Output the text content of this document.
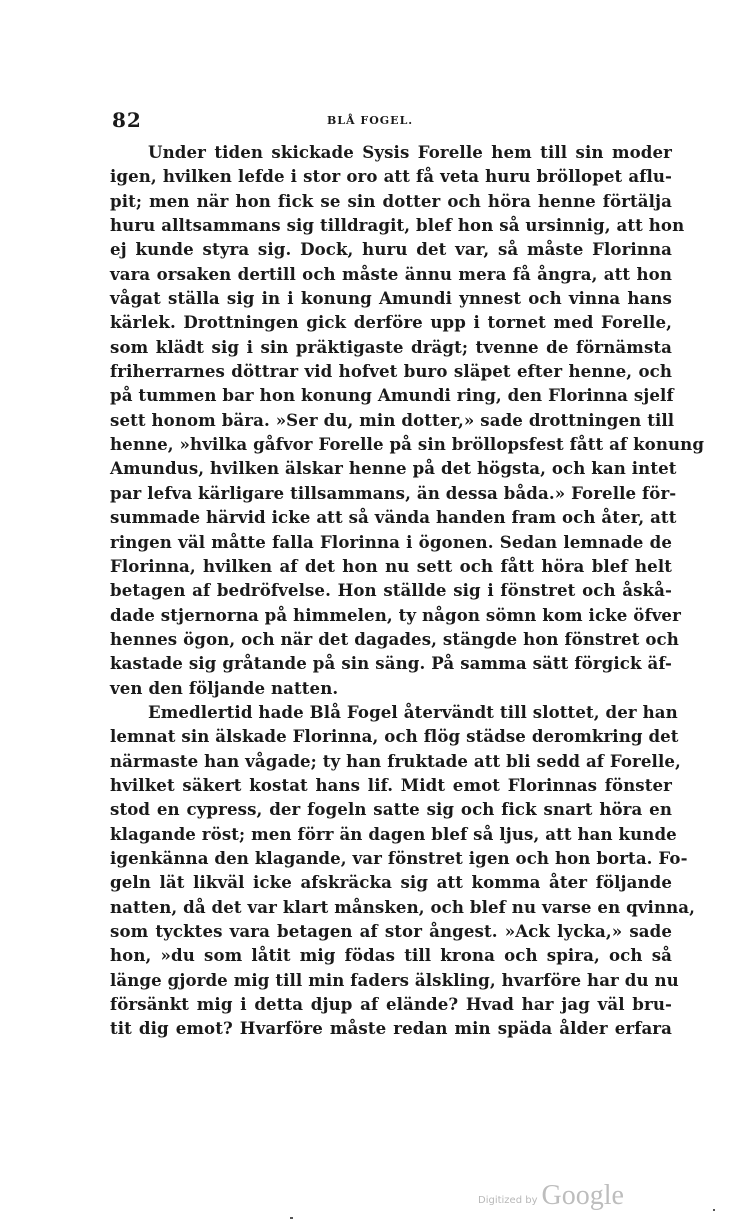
82	BLÅ FOGEL.
Under tiden skickade Sysis Forelle hem till sin moder
igen, hvilken lefde i stor oro att få veta huru bröllopet aflu-
pit; men när hon fick se sin dotter och höra henne förtälja
huru alltsammans sig tilldragit, blef hon så ursinnig, att hon
ej kunde styra sig. Dock, huru det var, så måste Florinna
vara orsaken dertill och måste ännu mera få ångra, att hon
vågat ställa sig in i konung Amundi ynnest och vinna hans
kärlek. Drottningen gick derföre upp i tornet med Forelle,
som klädt sig i sin präktigaste drägt; tvenne de förnämsta
friherrarnes döttrar vid hofvet buro släpet efter henne, och
på tummen bar hon konung Amundi ring, den Florinna sjelf
sett honom bära. »Ser du, min dotter,» sade drottningen till
henne, »hvilka gåfvor Forelle på sin bröllopsfest fått af konung
Amundus, hvilken älskar henne på det högsta, och kan intet
par lefva kärligare tillsammans, än dessa båda.» Forelle för-
summade härvid icke att så vända handen fram och åter, att
ringen väl måtte falla Florinna i ögonen. Sedan lemnade de
Florinna, hvilken af det hon nu sett och fått höra blef helt
betagen af bedröfvelse. Hon ställde sig i fönstret och åskå-
dade stjernorna på himmelen, ty någon sömn kom icke öfver
hennes ögon, och när det dagades, stängde hon fönstret och
kastade sig gråtande på sin säng. På samma sätt förgick äf-
ven den följande natten.
Emedlertid hade Blå Fogel återvändt till slottet, der han
lemnat sin älskade Florinna, och flög städse deromkring det
närmaste han vågade; ty han fruktade att bli sedd af Forelle,
hvilket säkert kostat hans lif. Midt emot Florinnas fönster
stod en cypress, der fogeln satte sig och fick snart höra en
klagande röst; men förr än dagen blef så ljus, att han kunde
igenkänna den klagande, var fönstret igen och hon borta. Fo-
geln lät likväl icke afskräcka sig att komma åter följande
natten, då det var klart månsken, och blef nu varse en qvinna,
som tycktes vara betagen af stor ångest. »Ack lycka,» sade
hon, »du som låtit mig födas till krona och spira, och så
länge gjorde mig till min faders älskling, hvarföre har du nu
försänkt mig i detta djup af elände? Hvad har jag väl bru-
tit dig emot? Hvarföre måste redan min späda ålder erfara
Digitized by Google
